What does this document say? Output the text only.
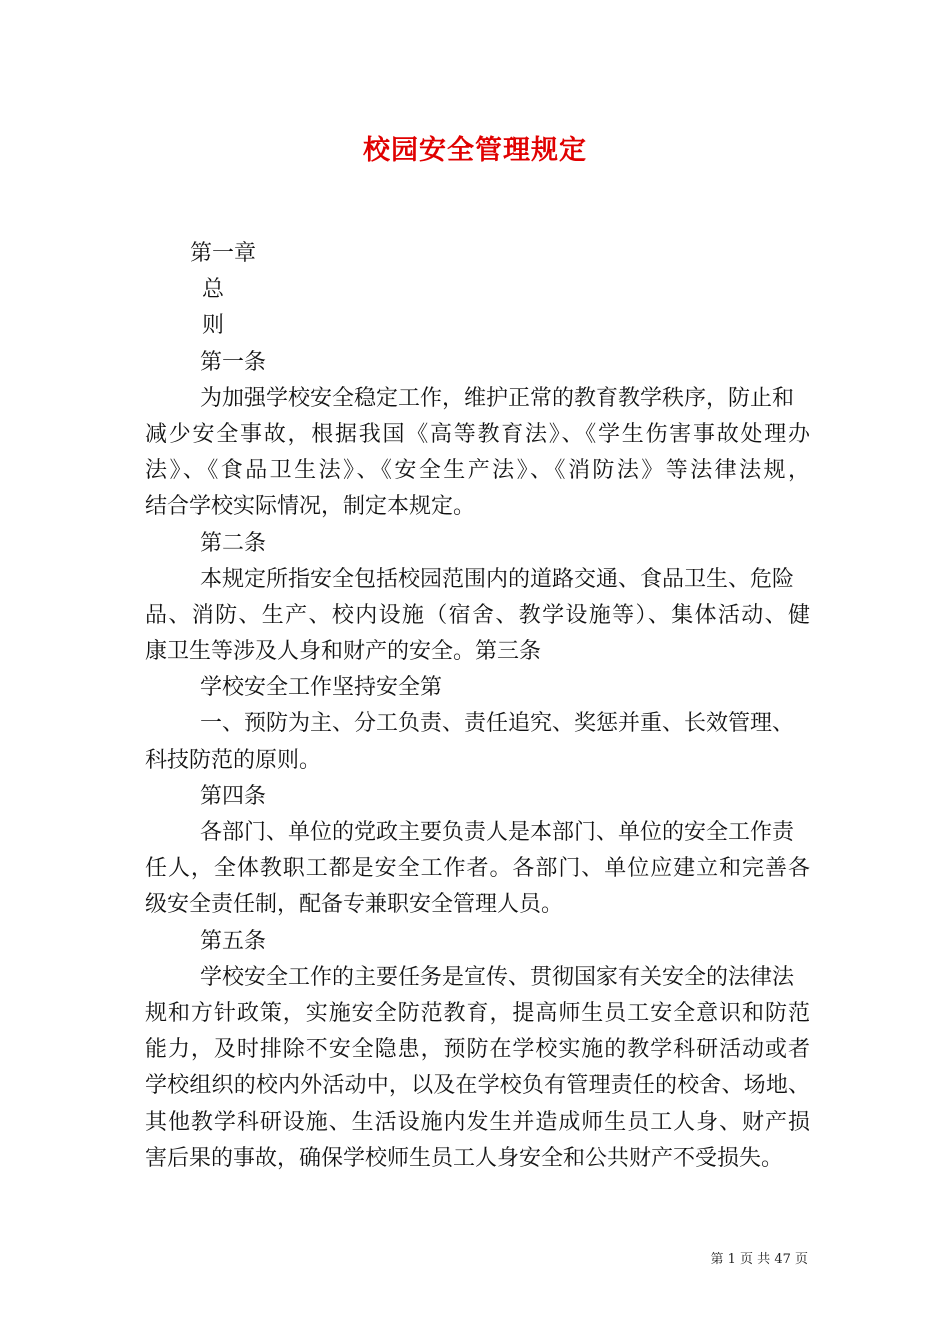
校园安全管理规定
第一章
总
则
第一条
为加强学校安全稳定工作，维护正常的教育教学秩序，防止和
减少安全事故，根据我国《高等教育法》、《学生伤害事故处理办
法》、《食品卫生法》、《安全生产法》、《消防法》等法律法规，
结合学校实际情况，制定本规定。
第二条
本规定所指安全包括校园范围内的道路交通、食品卫生、危险
品、消防、生产、校内设施（宿舍、教学设施等）、集体活动、健
康卫生等涉及人身和财产的安全。第三条
学校安全工作坚持安全第
一、预防为主、分工负责、责任追究、奖惩并重、长效管理、
科技防范的原则。
第四条
各部门、单位的党政主要负责人是本部门、单位的安全工作责
任人，全体教职工都是安全工作者。各部门、单位应建立和完善各
级安全责任制，配备专兼职安全管理人员。
第五条
学校安全工作的主要任务是宣传、贯彻国家有关安全的法律法
规和方针政策，实施安全防范教育，提高师生员工安全意识和防范
能力，及时排除不安全隐患，预防在学校实施的教学科研活动或者
学校组织的校内外活动中，以及在学校负有管理责任的校舍、场地、
其他教学科研设施、生活设施内发生并造成师生员工人身、财产损
害后果的事故，确保学校师生员工人身安全和公共财产不受损失。
第 1 页 共 47 页
